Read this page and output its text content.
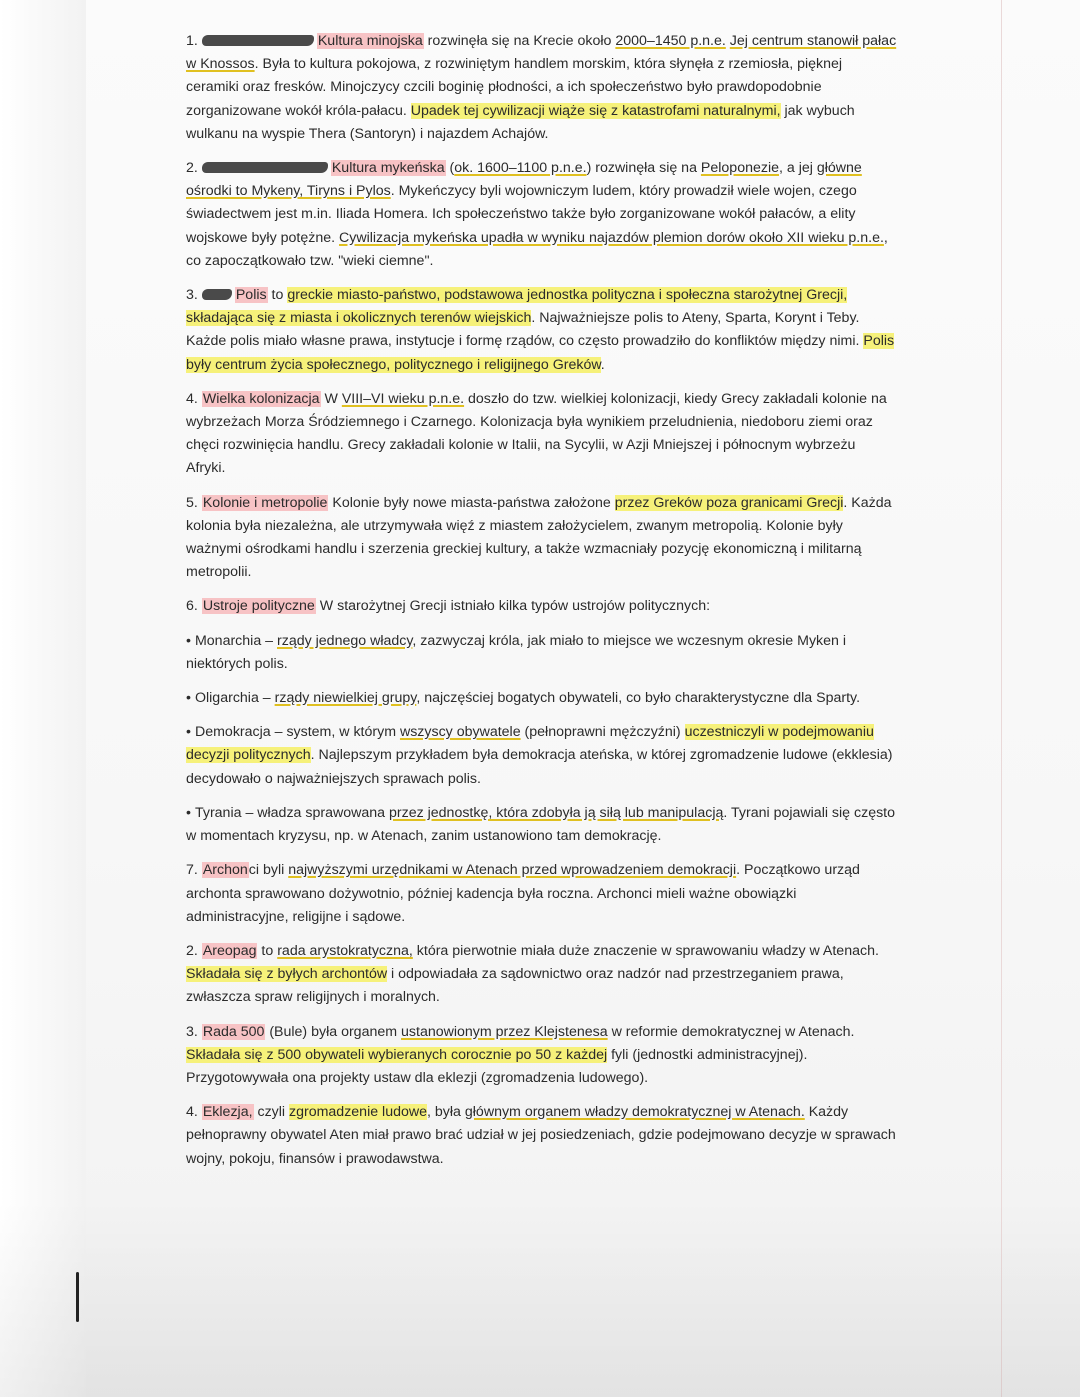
1.	Kultura minojska rozwinęła się na Krecie około 2000–1450 p.n.e. Jej centrum stanowił pałac w Knossos. Była to kultura pokojowa, z rozwiniętym handlem morskim, która słynęła z rzemiosła, pięknej ceramiki oraz fresków. Minojczycy czcili boginię płodności, a ich społeczeństwo było prawdopodobnie zorganizowane wokół króla-pałacu. Upadek tej cywilizacji wiąże się z katastrofami naturalnymi, jak wybuch wulkanu na wyspie Thera (Santoryn) i najazdem Achajów.

2.	Kultura mykeńska (ok. 1600–1100 p.n.e.) rozwinęła się na Peloponezie, a jej główne ośrodki to Mykeny, Tiryns i Pylos. Mykeńczycy byli wojowniczym ludem, który prowadził wiele wojen, czego świadectwem jest m.in. Iliada Homera. Ich społeczeństwo także było zorganizowane wokół pałaców, a elity wojskowe były potężne. Cywilizacja mykeńska upadła w wyniku najazdów plemion dorów około XII wieku p.n.e., co zapoczątkowało tzw. "wieki ciemne".

3.	Polis to greckie miasto-państwo, podstawowa jednostka polityczna i społeczna starożytnej Grecji, składająca się z miasta i okolicznych terenów wiejskich. Najważniejsze polis to Ateny, Sparta, Korynt i Teby. Każde polis miało własne prawa, instytucje i formę rządów, co często prowadziło do konfliktów między nimi. Polis były centrum życia społecznego, politycznego i religijnego Greków.

4. Wielka kolonizacja W VIII–VI wieku p.n.e. doszło do tzw. wielkiej kolonizacji, kiedy Grecy zakładali kolonie na wybrzeżach Morza Śródziemnego i Czarnego. Kolonizacja była wynikiem przeludnienia, niedoboru ziemi oraz chęci rozwinięcia handlu. Grecy zakładali kolonie w Italii, na Sycylii, w Azji Mniejszej i północnym wybrzeżu Afryki.

5. Kolonie i metropolie Kolonie były nowe miasta-państwa założone przez Greków poza granicami Grecji. Każda kolonia była niezależna, ale utrzymywała więź z miastem założycielem, zwanym metropolią. Kolonie były ważnymi ośrodkami handlu i szerzenia greckiej kultury, a także wzmacniały pozycję ekonomiczną i militarną metropolii.

6. Ustroje polityczne W starożytnej Grecji istniało kilka typów ustrojów politycznych:

• Monarchia – rządy jednego władcy, zazwyczaj króla, jak miało to miejsce we wczesnym okresie Myken i niektórych polis.

• Oligarchia – rządy niewielkiej grupy, najczęściej bogatych obywateli, co było charakterystyczne dla Sparty.

• Demokracja – system, w którym wszyscy obywatele (pełnoprawni mężczyźni) uczestniczyli w podejmowaniu decyzji politycznych. Najlepszym przykładem była demokracja ateńska, w której zgromadzenie ludowe (ekklesia) decydowało o najważniejszych sprawach polis.

• Tyrania – władza sprawowana przez jednostkę, która zdobyła ją siłą lub manipulacją. Tyrani pojawiali się często w momentach kryzysu, np. w Atenach, zanim ustanowiono tam demokrację.

7. Archonci byli najwyższymi urzędnikami w Atenach przed wprowadzeniem demokracji. Początkowo urząd archonta sprawowano dożywotnio, później kadencja była roczna. Archonci mieli ważne obowiązki administracyjne, religijne i sądowe.

2. Areopag to rada arystokratyczna, która pierwotnie miała duże znaczenie w sprawowaniu władzy w Atenach. Składała się z byłych archontów i odpowiadała za sądownictwo oraz nadzór nad przestrzeganiem prawa, zwłaszcza spraw religijnych i moralnych.

3. Rada 500 (Bule) była organem ustanowionym przez Klejstenesa w reformie demokratycznej w Atenach. Składała się z 500 obywateli wybieranych corocznie po 50 z każdej fyli (jednostki administracyjnej). Przygotowywała ona projekty ustaw dla eklezji (zgromadzenia ludowego).

4. Eklezja, czyli zgromadzenie ludowe, była głównym organem władzy demokratycznej w Atenach. Każdy pełnoprawny obywatel Aten miał prawo brać udział w jej posiedzeniach, gdzie podejmowano decyzje w sprawach wojny, pokoju, finansów i prawodawstwa.
